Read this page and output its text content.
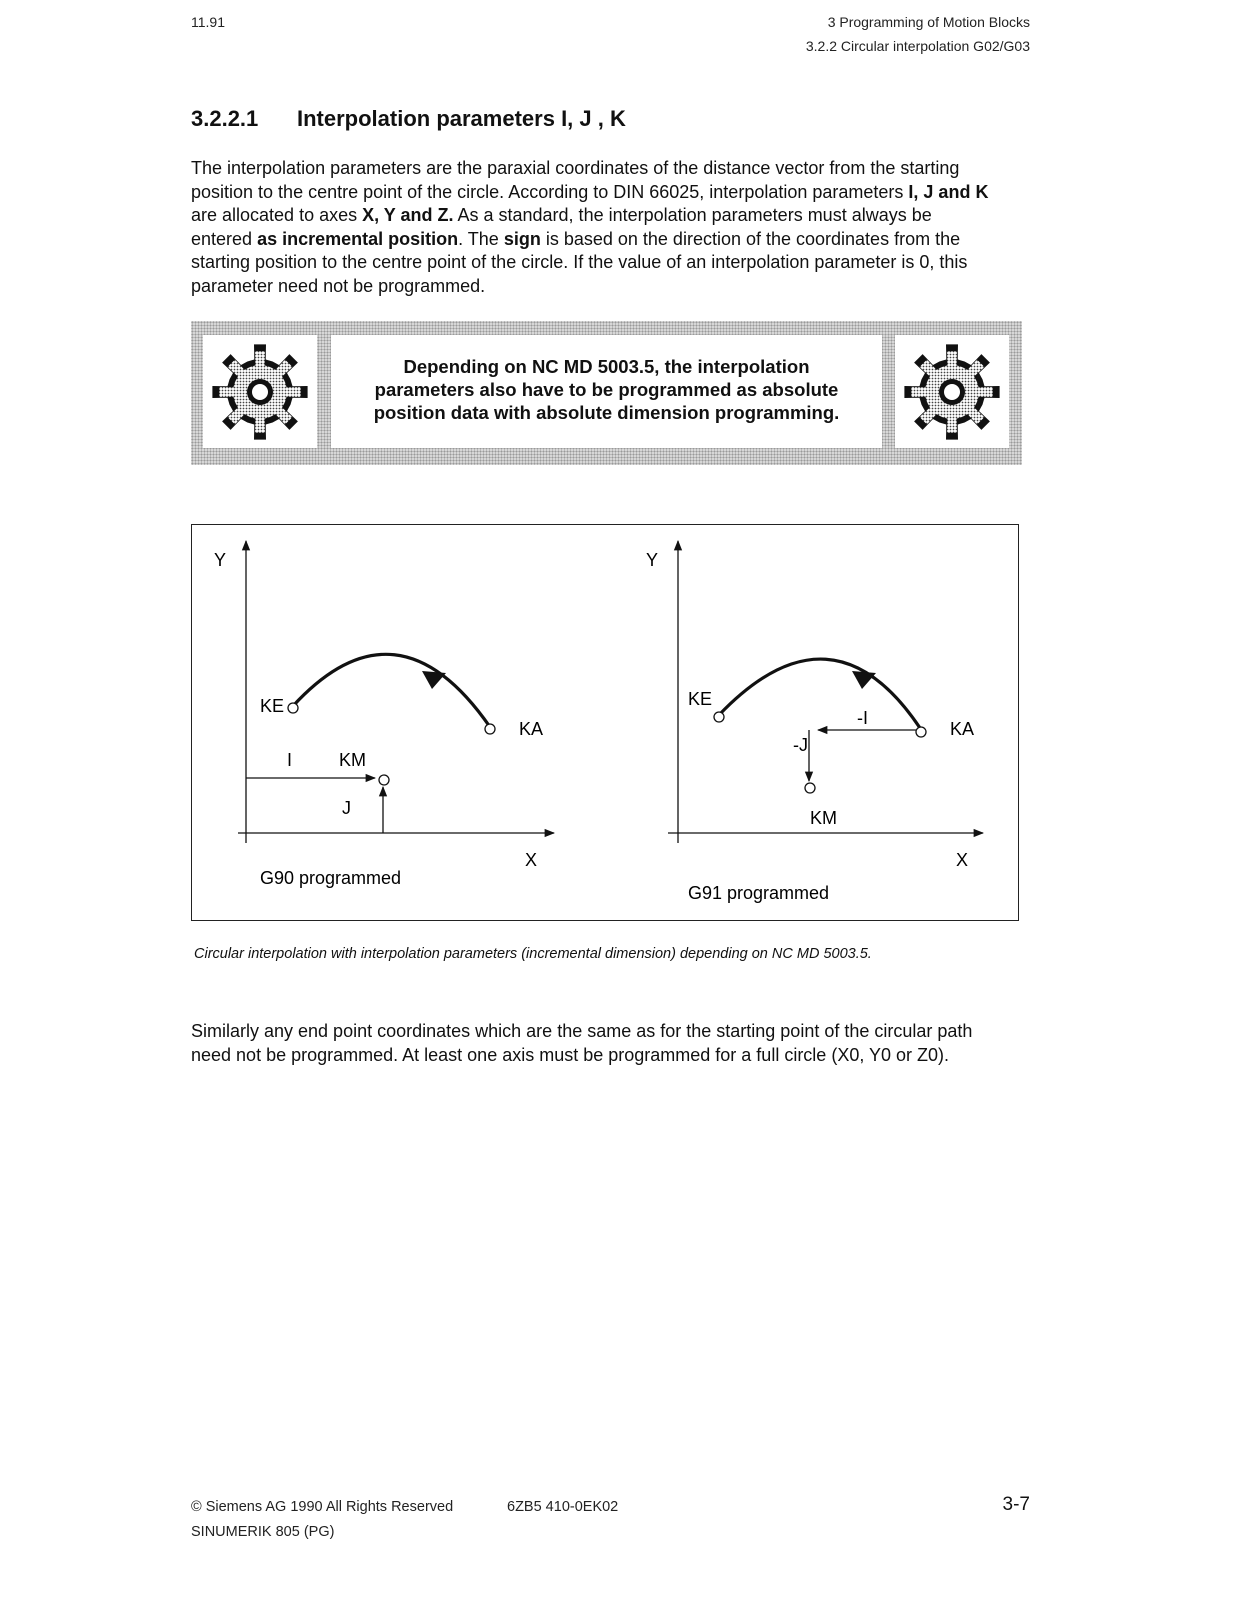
11.91	3 Programming of Motion Blocks
3.2.2 Circular interpolation G02/G03
3.2.2.1 Interpolation parameters I, J , K
The interpolation parameters are the paraxial coordinates of the distance vector from the starting position to the centre point of the circle. According to DIN 66025, interpolation parameters I, J and K are allocated to axes X, Y and Z. As a standard, the interpolation parameters must always be entered as incremental position. The sign is based on the direction of the coordinates from the starting position to the centre point of the circle. If the value of an interpolation parameter is 0, this parameter need not be programmed.
Depending on NC MD 5003.5, the interpolation
parameters also have to be programmed as absolute
position data with absolute dimension programming.
Y
X
KE
KA
KM
I
J
G90 programmed
Y
X
KE
KA
KM
-I
-J
G91 programmed
Circular interpolation with interpolation parameters (incremental dimension) depending on NC MD 5003.5.
Similarly any end point coordinates which are the same as for the starting point of the circular path need not be programmed. At least one axis must be programmed for a full circle (X0, Y0 or Z0).
© Siemens AG 1990 All Rights Reserved	6ZB5 410-0EK02	3-7
SINUMERIK 805 (PG)
